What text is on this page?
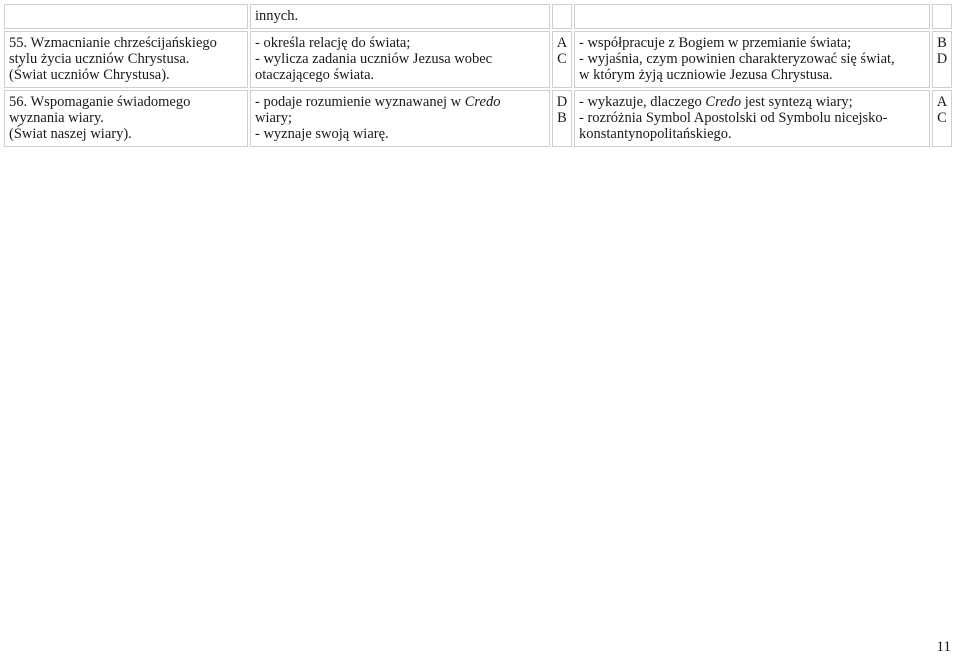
	innych.			

55. Wzmacnianie chrześcijańskiego
stylu życia uczniów Chrystusa.
(Świat uczniów Chrystusa).	- określa relację do świata;
- wylicza zadania uczniów Jezusa wobec
otaczającego świata.	A
C	- współpracuje z Bogiem w przemianie świata;
- wyjaśnia, czym powinien charakteryzować się świat,
w którym żyją uczniowie Jezusa Chrystusa.	B
D

56. Wspomaganie świadomego
wyznania wiary.
(Świat naszej wiary).	- podaje rozumienie wyznawanej w Credo
wiary;
- wyznaje swoją wiarę.	D
B	- wykazuje, dlaczego Credo jest syntezą wiary;
- rozróżnia Symbol Apostolski od Symbolu nicejsko-
konstantynopolitańskiego.	A
C
11
